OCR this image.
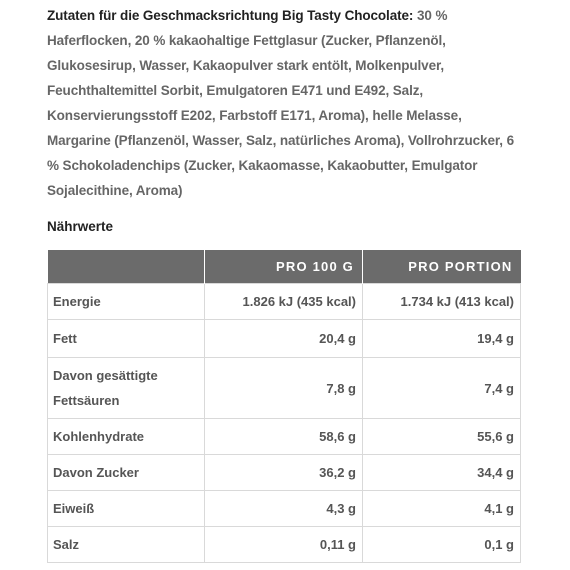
Zutaten für die Geschmacksrichtung Big Tasty Chocolate: 30 % Haferflocken, 20 % kakaohaltige Fettglasur (Zucker, Pflanzenöl, Glukosesirup, Wasser, Kakaopulver stark entölt, Molkenpulver, Feuchthaltemittel Sorbit, Emulgatoren E471 und E492, Salz, Konservierungsstoff E202, Farbstoff E171, Aroma), helle Melasse, Margarine (Pflanzenöl, Wasser, Salz, natürliches Aroma), Vollrohrzucker, 6 % Schokoladenchips (Zucker, Kakaomasse, Kakaobutter, Emulgator Sojalecithine, Aroma)

Nährwerte

	PRO 100 G	PRO PORTION
Energie	1.826 kJ (435 kcal)	1.734 kJ (413 kcal)
Fett	20,4 g	19,4 g

Davon gesättigte
Fettsäuren	7,8 g	7,4 g
Kohlenhydrate	58,6 g	55,6 g
Davon Zucker	36,2 g	34,4 g
Eiweiß	4,3 g	4,1 g
Salz	0,11 g	0,1 g
